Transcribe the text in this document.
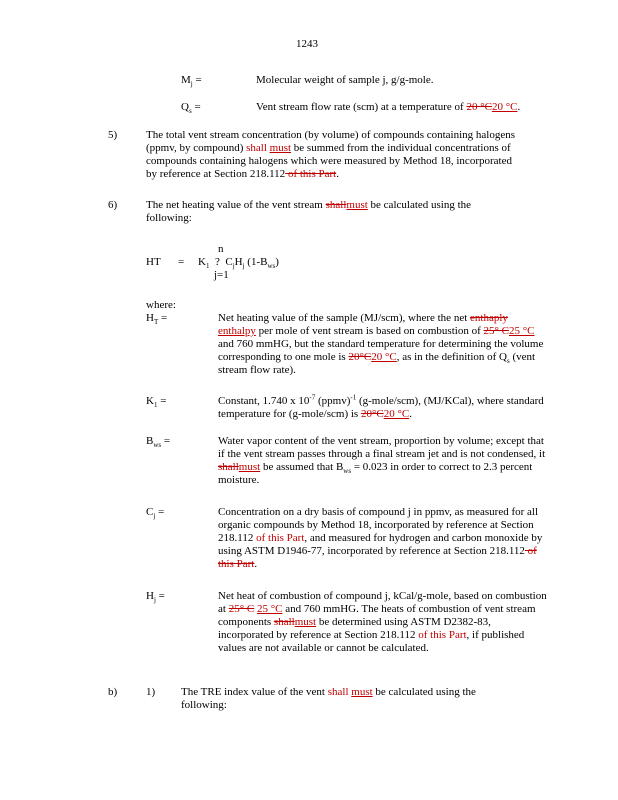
1243
$M_j$ =	Molecular weight of sample j, g/g-mole.
$Q_s$ =	Vent stream flow rate (scm) at a temperature of 20 °C20 °C.
5)	The total vent stream concentration (by volume) of compounds containing halogens (ppmv, by compound) shall must be summed from the individual concentrations of compounds containing halogens which were measured by Method 18, incorporated by reference at Section 218.112 of this Part.
6)	The net heating value of the vent stream shallmust be calculated using the following:
n
HT = $K_1$ ? $C_jH_j$ $(1-B_{ws})$
j=1
where:
$H_T$ =	Net heating value of the sample (MJ/scm), where the net enthaply enthalpy per mole of vent stream is based on combustion of 25° C25 °C and 760 mmHG, but the standard temperature for determining the volume corresponding to one mole is 20°C20 °C, as in the definition of $Q_s$ (vent stream flow rate).
$K_1$ =	Constant, 1.740 x $10^{-7}$ (ppmv)$^{-1}$ (g-mole/scm), (MJ/KCal), where standard temperature for (g-mole/scm) is 20°C20 °C.
$B_{ws}$ =	Water vapor content of the vent stream, proportion by volume; except that if the vent stream passes through a final stream jet and is not condensed, it shallmust be assumed that $B_{ws} = 0.023$ in order to correct to 2.3 percent moisture.
$C_j$ =	Concentration on a dry basis of compound j in ppmv, as measured for all organic compounds by Method 18, incorporated by reference at Section 218.112 of this Part, and measured for hydrogen and carbon monoxide by using ASTM D1946-77, incorporated by reference at Section 218.112 of this Part.
$H_j$ =	Net heat of combustion of compound j, kCal/g-mole, based on combustion at 25° C 25 °C and 760 mmHG. The heats of combustion of vent stream components shallmust be determined using ASTM D2382-83, incorporated by reference at Section 218.112 of this Part, if published values are not available or cannot be calculated.
b)	1) The TRE index value of the vent shall must be calculated using the following:
